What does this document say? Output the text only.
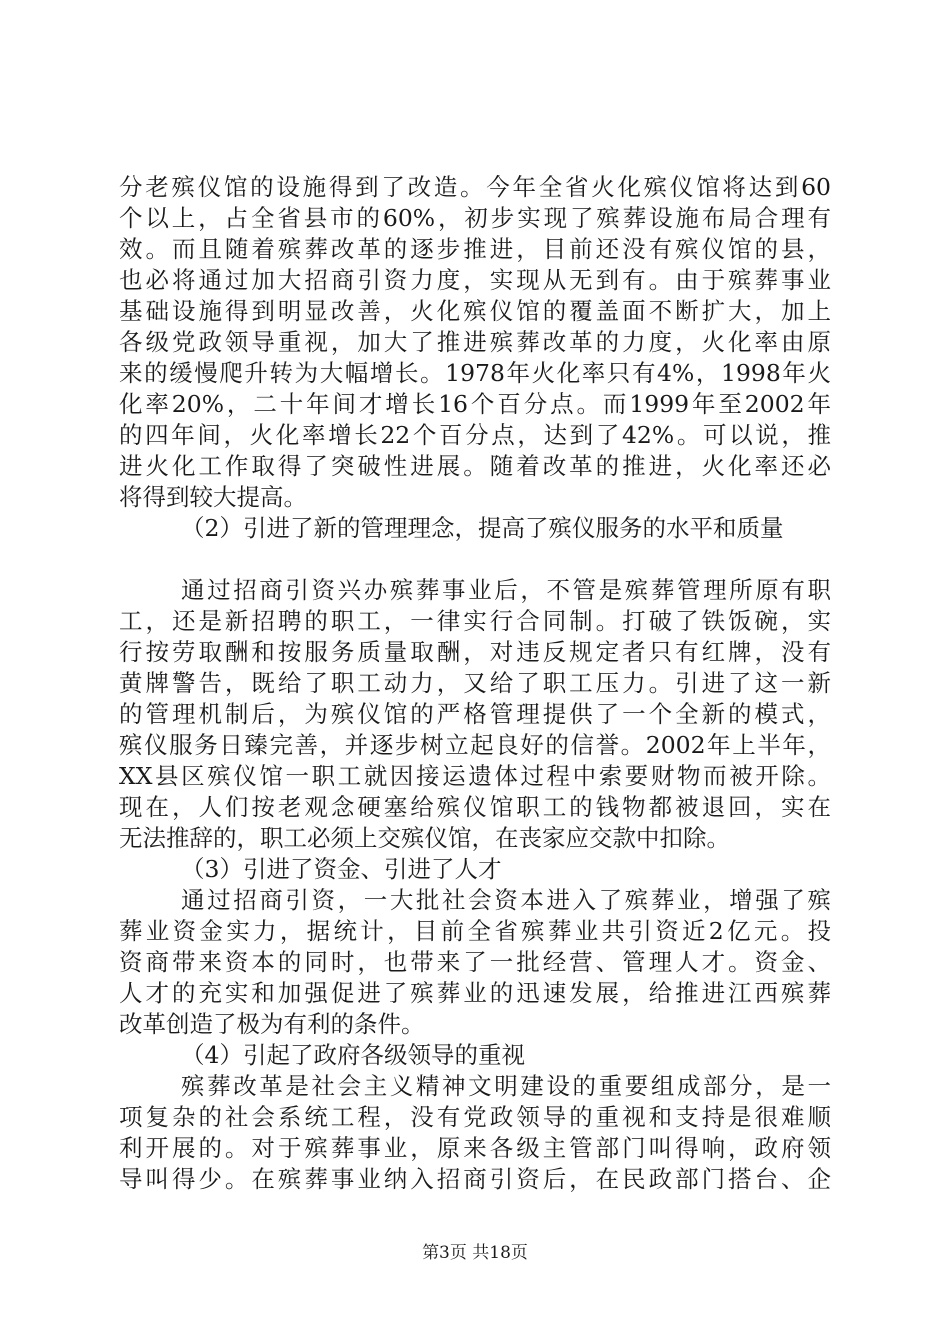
分老殡仪馆的设施得到了改造。今年全省火化殡仪馆将达到60
个以上，占全省县市的60%，初步实现了殡葬设施布局合理有
效。而且随着殡葬改革的逐步推进，目前还没有殡仪馆的县，
也必将通过加大招商引资力度，实现从无到有。由于殡葬事业
基础设施得到明显改善，火化殡仪馆的覆盖面不断扩大，加上
各级党政领导重视，加大了推进殡葬改革的力度，火化率由原
来的缓慢爬升转为大幅增长。1978年火化率只有4%，1998年火
化率20%，二十年间才增长16个百分点。而1999年至2002年
的四年间，火化率增长22个百分点，达到了42%。可以说，推
进火化工作取得了突破性进展。随着改革的推进，火化率还必
将得到较大提高。
（2）引进了新的管理理念，提高了殡仪服务的水平和质量
通过招商引资兴办殡葬事业后，不管是殡葬管理所原有职
工，还是新招聘的职工，一律实行合同制。打破了铁饭碗，实
行按劳取酬和按服务质量取酬，对违反规定者只有红牌，没有
黄牌警告，既给了职工动力，又给了职工压力。引进了这一新
的管理机制后，为殡仪馆的严格管理提供了一个全新的模式，
殡仪服务日臻完善，并逐步树立起良好的信誉。2002年上半年，
XX县区殡仪馆一职工就因接运遗体过程中索要财物而被开除。
现在，人们按老观念硬塞给殡仪馆职工的钱物都被退回，实在
无法推辞的，职工必须上交殡仪馆，在丧家应交款中扣除。
（3）引进了资金、引进了人才
通过招商引资，一大批社会资本进入了殡葬业，增强了殡
葬业资金实力，据统计，目前全省殡葬业共引资近2亿元。投
资商带来资本的同时，也带来了一批经营、管理人才。资金、
人才的充实和加强促进了殡葬业的迅速发展，给推进江西殡葬
改革创造了极为有利的条件。
（4）引起了政府各级领导的重视
殡葬改革是社会主义精神文明建设的重要组成部分，是一
项复杂的社会系统工程，没有党政领导的重视和支持是很难顺
利开展的。对于殡葬事业，原来各级主管部门叫得响，政府领
导叫得少。在殡葬事业纳入招商引资后，在民政部门搭台、企
第3页 共18页
